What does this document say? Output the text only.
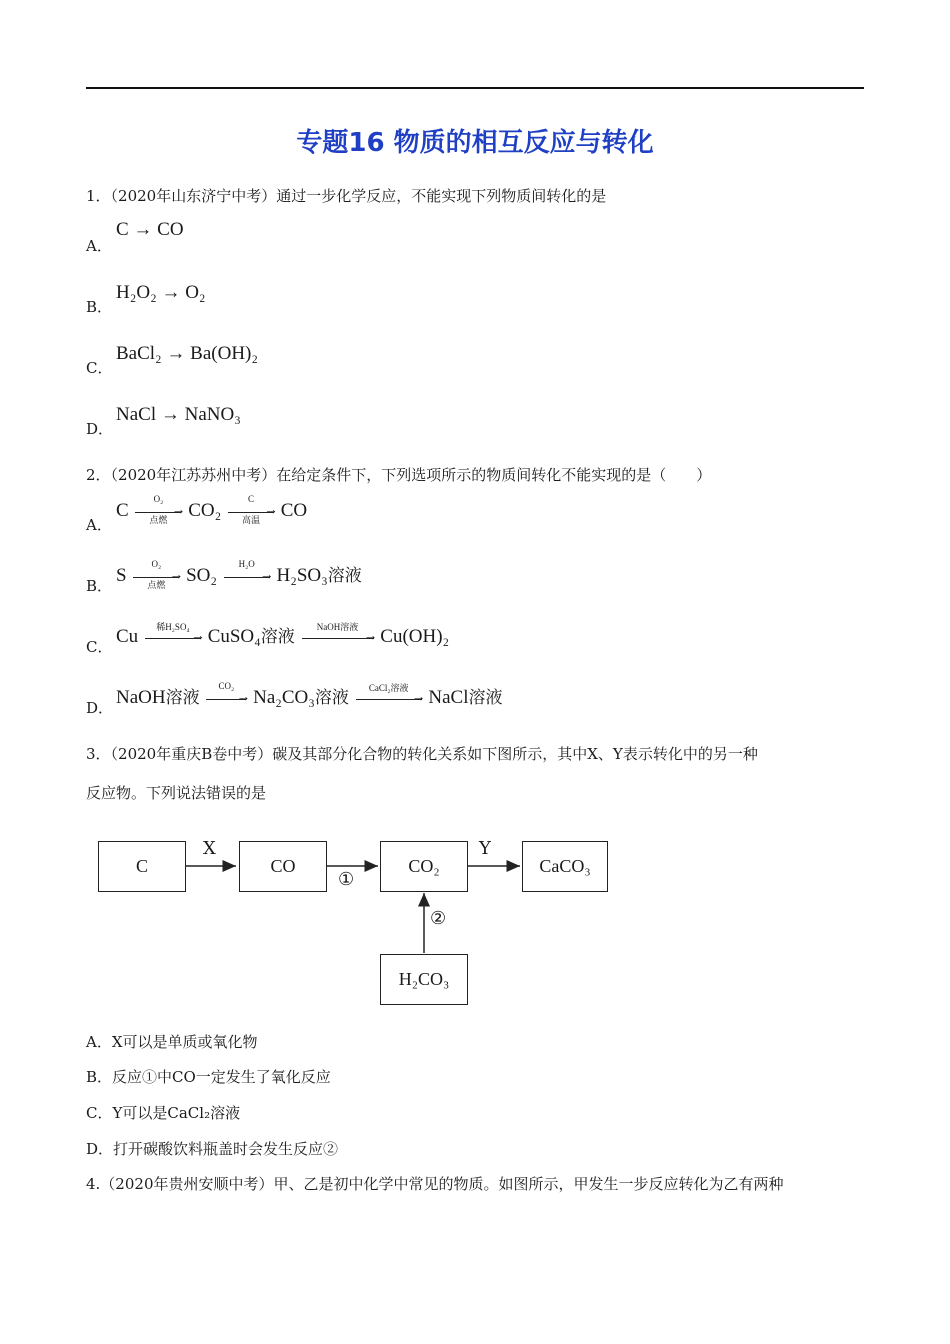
专题16 物质的相互反应与转化
1．（2020年山东济宁中考）通过一步化学反应，不能实现下列物质间转化的是
A．
C → CO
B．
H₂O₂ → O₂
C．
BaCl₂ → Ba(OH)₂
D．
NaCl → NaNO₃
2．（2020年江苏苏州中考）在给定条件下，下列选项所示的物质间转化不能实现的是（　　）
A．
C
O₂
→
点燃	CO₂
C
→
高温	CO
B． S
O₂
→
点燃	SO₂
H₂O
→ H₂SO₃溶液
C． Cu	稀H₂SO₄
→ CuSO₄溶液
NaOH溶液
→ Cu(OH)₂
D． NaOH溶液
CO₂
→ Na₂CO₃溶液
CaCl₂溶液
→ NaCl溶液
3．（2020年重庆B卷中考）碳及其部分化合物的转化关系如下图所示，其中X、Y表示转化中的另一种
反应物。下列说法错误的是
C	CO	CO₂	CaCO₃
H₂CO₃
X	Y
①
②
A．X可以是单质或氧化物
B．反应①中CO一定发生了氧化反应
C．Y可以是CaCl₂溶液
D．打开碳酸饮料瓶盖时会发生反应②
4.（2020年贵州安顺中考）甲、乙是初中化学中常见的物质。如图所示，甲发生一步反应转化为乙有两种
